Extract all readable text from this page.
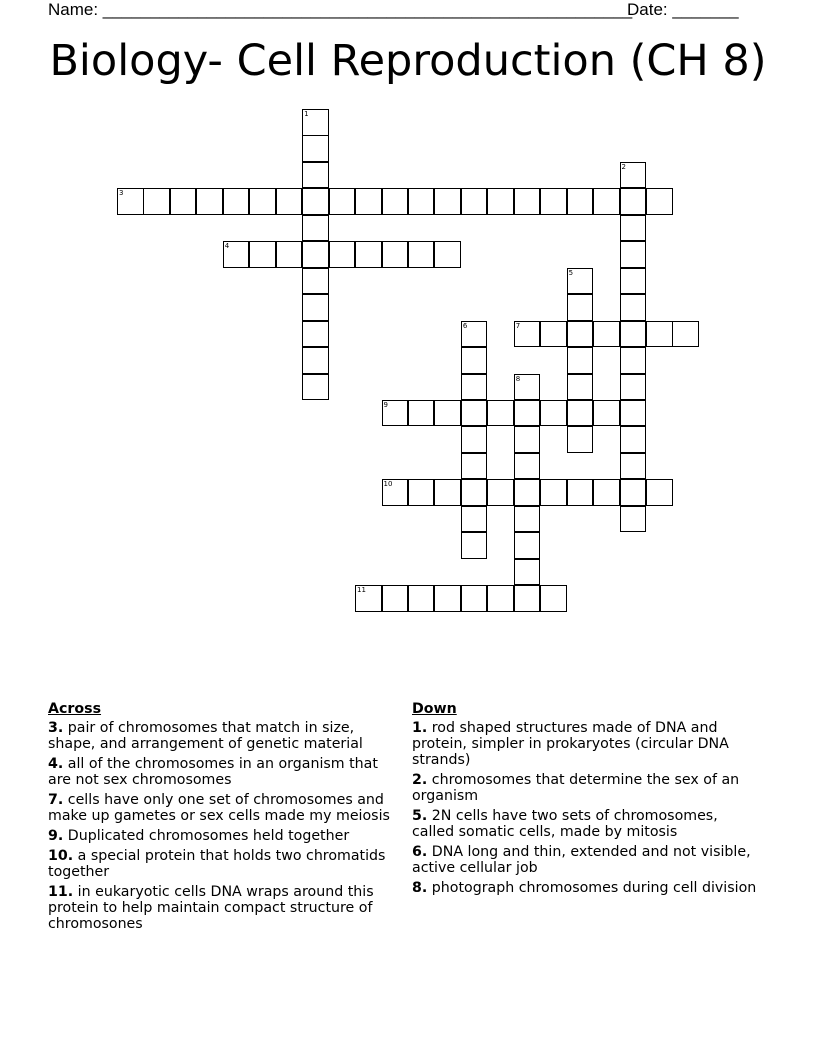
Name: ________________________________________________________
Date: _______
Biology- Cell Reproduction (CH 8)
1
2
3
4
5
6	7
8
9
10
11
Across
3. pair of chromosomes that match in size, shape, and arrangement of genetic material
4. all of the chromosomes in an organism that are not sex chromosomes
7. cells have only one set of chromosomes and make up gametes or sex cells made my meiosis
9. Duplicated chromosomes held together
10. a special protein that holds two chromatids together
11. in eukaryotic cells DNA wraps around this protein to help maintain compact structure of chromosones
Down
1. rod shaped structures made of DNA and protein, simpler in prokaryotes (circular DNA strands)
2. chromosomes that determine the sex of an organism
5. 2N cells have two sets of chromosomes, called somatic cells, made by mitosis
6. DNA long and thin, extended and not visible, active cellular job
8. photograph chromosomes during cell division
